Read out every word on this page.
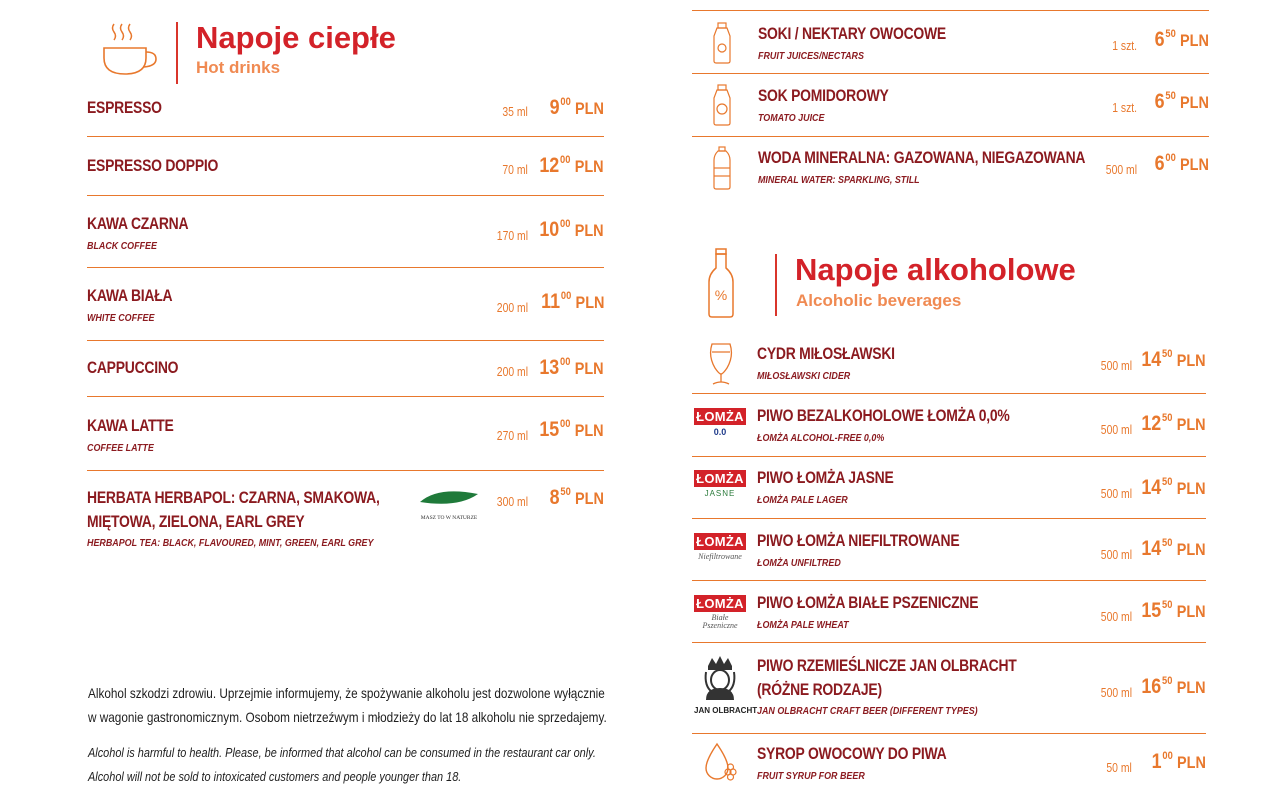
Napoje ciepłe
Hot drinks
ESPRESSO	35 ml $9^{00}$ PLN
ESPRESSO DOPPIO	70 ml $12^{00}$ PLN
KAWA CZARNA
BLACK COFFEE
170 ml $10^{00}$ PLN
KAWA BIAŁA
WHITE COFFEE
200 ml $11^{00}$ PLN
CAPPUCCINO	200 ml $13^{00}$ PLN
KAWA LATTE
COFFEE LATTE
270 ml $15^{00}$ PLN
HERBATA HERBAPOL: CZARNA, SMAKOWA,
MIĘTOWA, ZIELONA, EARL GREY
HERBAPOL TEA: BLACK, FLAVOURED, MINT, GREEN, EARL GREY
MASZ TO W NATURZE
300 ml $8^{50}$ PLN
Alkohol szkodzi zdrowiu. Uprzejmie informujemy, że spożywanie alkoholu jest dozwolone wyłącznie
w wagonie gastronomicznym. Osobom nietrzeźwym i młodzieży do lat 18 alkoholu nie sprzedajemy.
Alcohol is harmful to health. Please, be informed that alcohol can be consumed in the restaurant car only.
Alcohol will not be sold to intoxicated customers and people younger than 18.
SOKI / NEKTARY OWOCOWE
FRUIT JUICES/NECTARS
1 szt. $6^{50}$ PLN
SOK POMIDOROWY
TOMATO JUICE
1 szt. $6^{50}$ PLN
WODA MINERALNA: GAZOWANA, NIEGAZOWANA
MINERAL WATER: SPARKLING, STILL
500 ml $6^{00}$ PLN
%
Napoje alkoholowe
Alcoholic beverages
CYDR MIŁOSŁAWSKI
MIŁOSŁAWSKI CIDER
500 ml $14^{50}$ PLN
ŁOMŻA
0.0
PIWO BEZALKOHOLOWE ŁOMŻA 0,0%
ŁOMŻA ALCOHOL-FREE 0,0%
500 ml $12^{50}$ PLN
ŁOMŻA
JASNE
PIWO ŁOMŻA JASNE
ŁOMŻA PALE LAGER	500 ml $14^{50}$ PLN
ŁOMŻA
Niefiltrowane
PIWO ŁOMŻA NIEFILTROWANE
ŁOMŻA UNFILTRED
500 ml $14^{50}$ PLN
ŁOMŻA
Białe Pszeniczne
PIWO ŁOMŻA BIAŁE PSZENICZNE
ŁOMŻA PALE WHEAT
500 ml $15^{50}$ PLN
JAN OLBRACHT
PIWO RZEMIEŚLNICZE JAN OLBRACHT
(RÓŻNE RODZAJE)
JAN OLBRACHT CRAFT BEER (DIFFERENT TYPES)
500 ml $16^{50}$ PLN
SYROP OWOCOWY DO PIWA
FRUIT SYRUP FOR BEER
50 ml $1^{00}$ PLN
